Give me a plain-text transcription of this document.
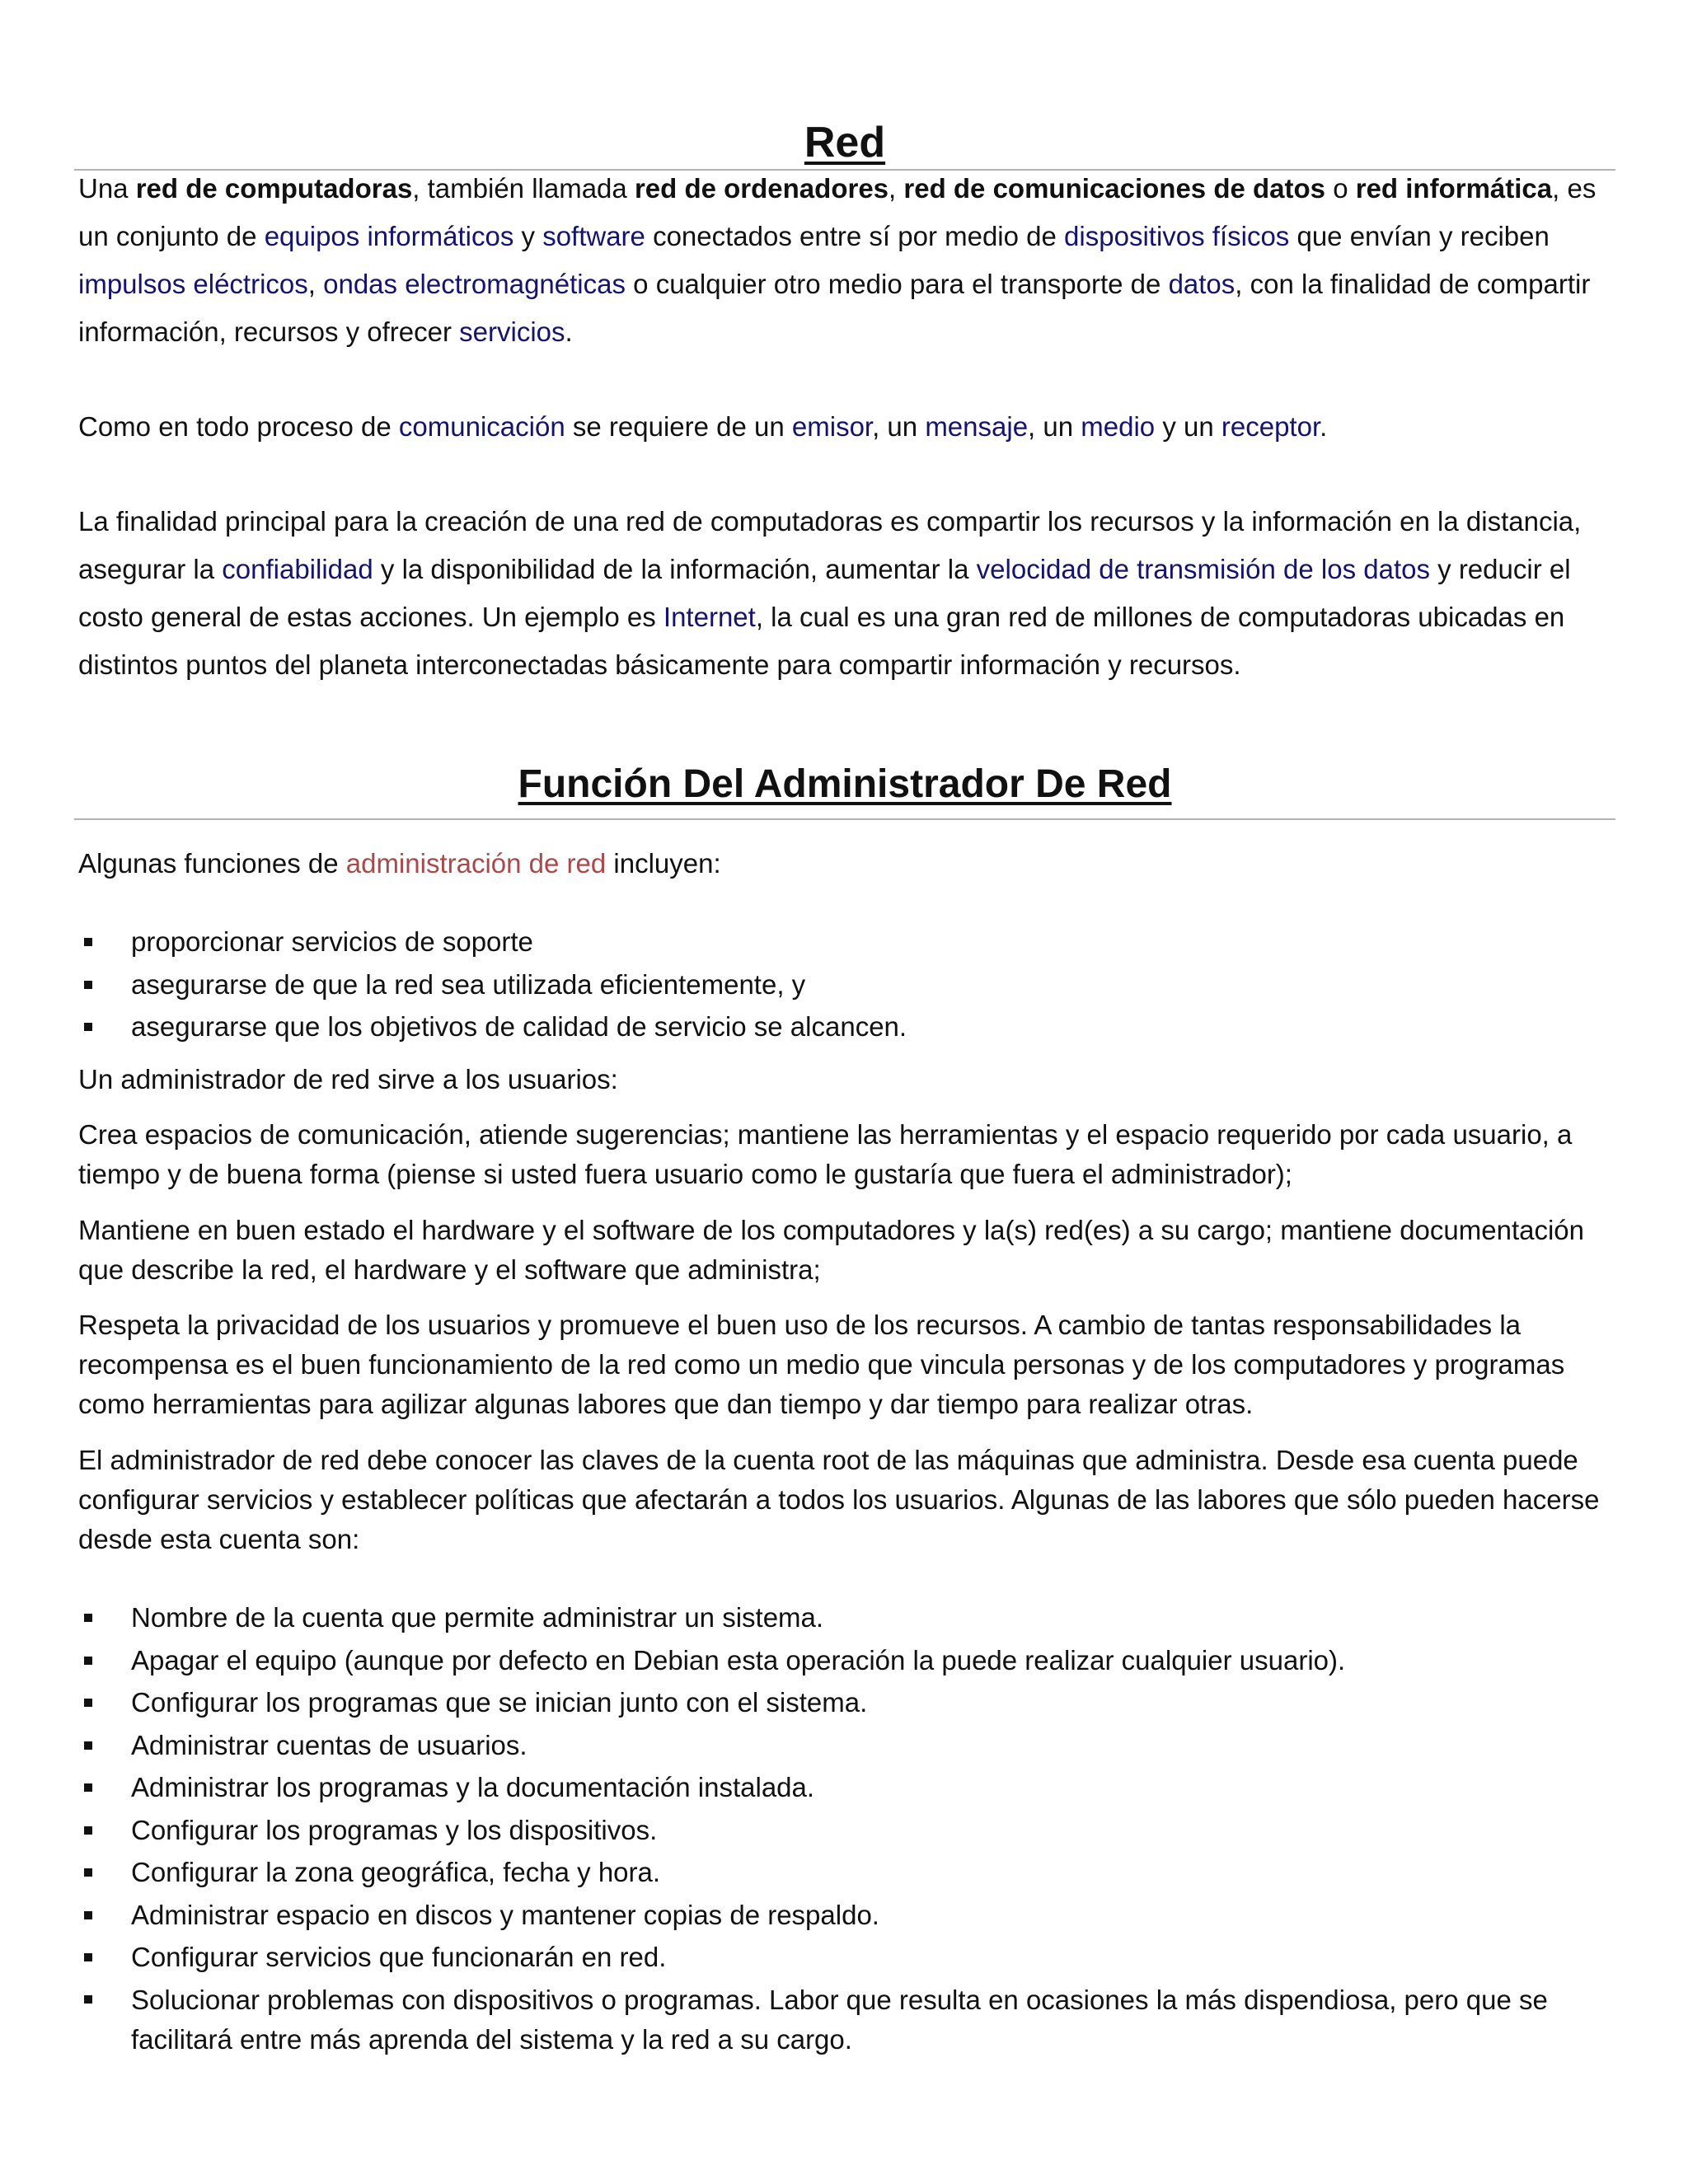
Red

Una red de computadoras, también llamada red de ordenadores, red de comunicaciones de datos o red informática, es un conjunto de equipos informáticos y software conectados entre sí por medio de dispositivos físicos que envían y reciben impulsos eléctricos, ondas electromagnéticas o cualquier otro medio para el transporte de datos, con la finalidad de compartir información, recursos y ofrecer servicios.

Como en todo proceso de comunicación se requiere de un emisor, un mensaje, un medio y un receptor.

La finalidad principal para la creación de una red de computadoras es compartir los recursos y la información en la distancia, asegurar la confiabilidad y la disponibilidad de la información, aumentar la velocidad de transmisión de los datos y reducir el costo general de estas acciones. Un ejemplo es Internet, la cual es una gran red de millones de computadoras ubicadas en distintos puntos del planeta interconectadas básicamente para compartir información y recursos.

Función Del Administrador De Red

Algunas funciones de administración de red incluyen:

proporcionar servicios de soporte
asegurarse de que la red sea utilizada eficientemente, y
asegurarse que los objetivos de calidad de servicio se alcancen.

Un administrador de red sirve a los usuarios:

Crea espacios de comunicación, atiende sugerencias; mantiene las herramientas y el espacio requerido por cada usuario, a tiempo y de buena forma (piense si usted fuera usuario como le gustaría que fuera el administrador);

Mantiene en buen estado el hardware y el software de los computadores y la(s) red(es) a su cargo; mantiene documentación que describe la red, el hardware y el software que administra;

Respeta la privacidad de los usuarios y promueve el buen uso de los recursos. A cambio de tantas responsabilidades la recompensa es el buen funcionamiento de la red como un medio que vincula personas y de los computadores y programas como herramientas para agilizar algunas labores que dan tiempo y dar tiempo para realizar otras.

El administrador de red debe conocer las claves de la cuenta root de las máquinas que administra. Desde esa cuenta puede configurar servicios y establecer políticas que afectarán a todos los usuarios. Algunas de las labores que sólo pueden hacerse desde esta cuenta son:

Nombre de la cuenta que permite administrar un sistema.
Apagar el equipo (aunque por defecto en Debian esta operación la puede realizar cualquier usuario).
Configurar los programas que se inician junto con el sistema.
Administrar cuentas de usuarios.
Administrar los programas y la documentación instalada.
Configurar los programas y los dispositivos.
Configurar la zona geográfica, fecha y hora.
Administrar espacio en discos y mantener copias de respaldo.
Configurar servicios que funcionarán en red.
Solucionar problemas con dispositivos o programas. Labor que resulta en ocasiones la más dispendiosa, pero que se facilitará entre más aprenda del sistema y la red a su cargo.
